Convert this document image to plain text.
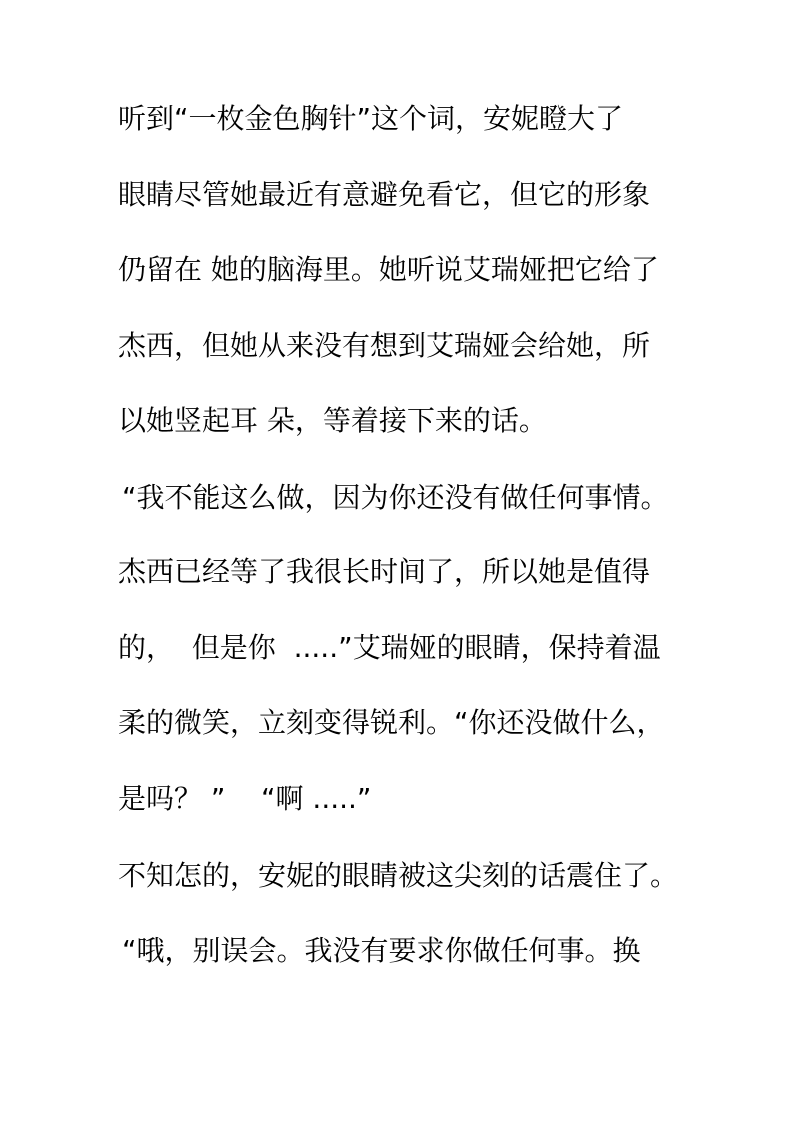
听到“一枚金色胸针”这个词，安妮瞪大了

眼睛尽管她最近有意避免看它，但它的形象

仍留在 她的脑海里。她听说艾瑞娅把它给了

杰西，但她从来没有想到艾瑞娅会给她，所

以她竖起耳 朵，等着接下来的话。

“我不能这么做，因为你还没有做任何事情。

杰西已经等了我很长时间了，所以她是值得

的，  但是你  .....”艾瑞娅的眼睛，保持着温

柔的微笑，立刻变得锐利。“你还没做什么，

是吗？ ”    “啊 .....”

不知怎的，安妮的眼睛被这尖刻的话震住了。

“哦，别误会。我没有要求你做任何事。换
